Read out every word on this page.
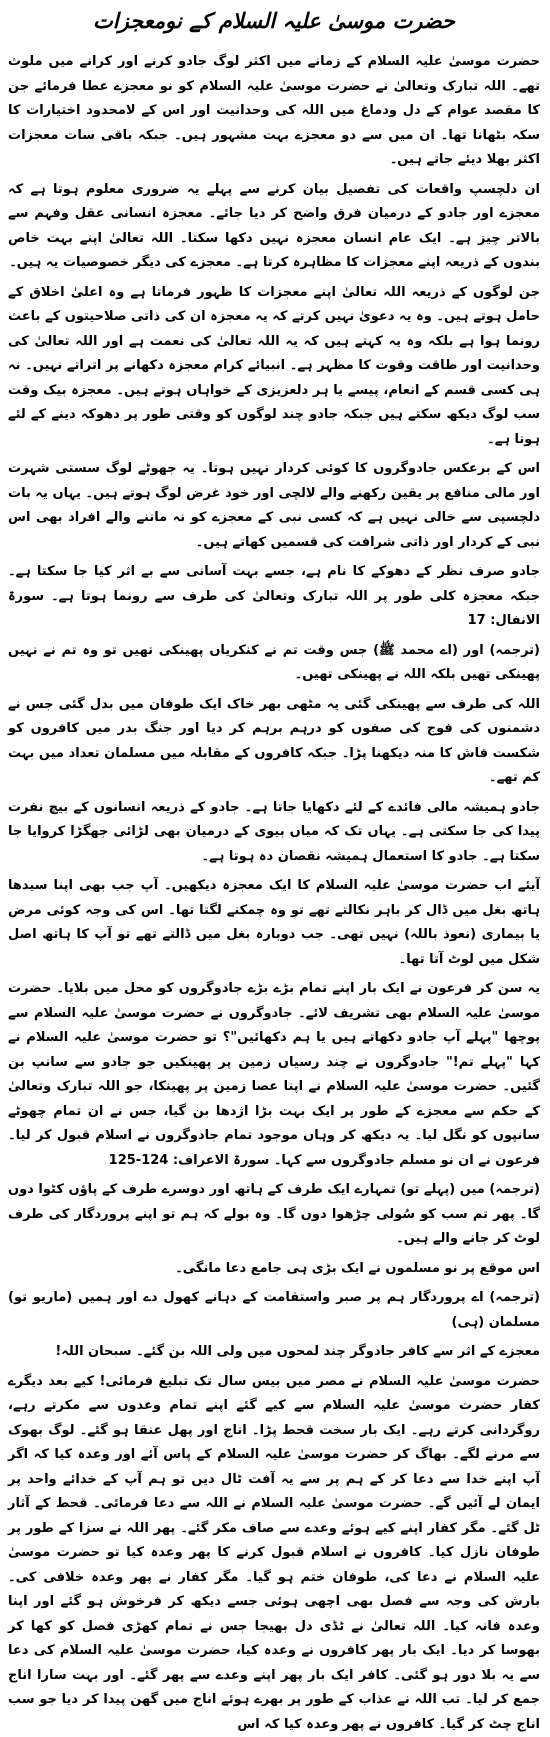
حضرت موسیٰ علیہ السلام کے نومعجزات

حضرت موسیٰ علیہ السلام کے زمانے میں اکثر لوگ جادو کرنے اور کرانے میں ملوث تھے۔ اللہ تبارک وتعالیٰ نے حضرت موسیٰ علیہ السلام کو نو معجزے عطا فرمائے جن کا مقصد عوام کے دل ودماغ میں اللہ کی وحدانیت اور اس کے لامحدود اختیارات کا سکہ بٹھانا تھا۔ ان میں سے دو معجزے بہت مشہور ہیں۔ جبکہ باقی سات معجزات اکثر بھلا دیئے جاتے ہیں۔

ان دلچسپ واقعات کی تفصیل بیان کرنے سے پہلے یہ ضروری معلوم ہوتا ہے کہ معجزے اور جادو کے درمیان فرق واضح کر دیا جائے۔ معجزہ انسانی عقل وفہم سے بالاتر چیز ہے۔ ایک عام انسان معجزہ نہیں دکھا سکتا۔ اللہ تعالیٰ اپنے بہت خاص بندوں کے ذریعہ اپنے معجزات کا مظاہرہ کرتا ہے۔ معجزے کی دیگر خصوصیات یہ ہیں۔

جن لوگوں کے ذریعہ اللہ تعالیٰ اپنے معجزات کا ظہور فرماتا ہے وہ اعلیٰ اخلاق کے حامل ہوتے ہیں۔ وہ یہ دعویٰ نہیں کرتے کہ یہ معجزہ ان کی ذاتی صلاحیتوں کے باعث رونما ہوا ہے بلکہ وہ یہ کہتے ہیں کہ یہ اللہ تعالیٰ کی نعمت ہے اور اللہ تعالیٰ کی وحدانیت اور طاقت وقوت کا مظہر ہے۔ انبیائے کرام معجزہ دکھانے پر اتراتے نہیں۔ نہ ہی کسی قسم کے انعام، پیسے یا ہر دلعزیزی کے خواہاں ہوتے ہیں۔ معجزہ بیک وقت سب لوگ دیکھ سکتے ہیں جبکہ جادو چند لوگوں کو وقتی طور پر دھوکہ دینے کے لئے ہوتا ہے۔

اس کے برعکس جادوگروں کا کوئی کردار نہیں ہوتا۔ یہ جھوٹے لوگ سستی شہرت اور مالی منافع پر یقین رکھنے والے لالچی اور خود غرض لوگ ہوتے ہیں۔ یہاں یہ بات دلچسپی سے خالی نہیں ہے کہ کسی نبی کے معجزے کو نہ ماننے والے افراد بھی اس نبی کے کردار اور ذاتی شرافت کی قسمیں کھاتے ہیں۔

جادو صرف نظر کے دھوکے کا نام ہے، جسے بہت آسانی سے بے اثر کیا جا سکتا ہے۔ جبکہ معجزہ کلی طور پر اللہ تبارک وتعالیٰ کی طرف سے رونما ہوتا ہے۔ سورۃ الانفال: 17

(ترجمہ) اور (اے محمد ﷺ) جس وقت تم نے کنکریاں پھینکی تھیں تو وہ تم نے نہیں پھینکی تھیں بلکہ اللہ نے پھینکی تھیں۔

اللہ کی طرف سے پھینکی گئی یہ مٹھی بھر خاک ایک طوفان میں بدل گئی جس نے دشمنوں کی فوج کی صفوں کو درہم برہم کر دیا اور جنگ بدر میں کافروں کو شکست فاش کا منہ دیکھنا پڑا۔ جبکہ کافروں کے مقابلہ میں مسلمان تعداد میں بہت کم تھے۔

جادو ہمیشہ مالی فائدے کے لئے دکھایا جاتا ہے۔ جادو کے ذریعہ انسانوں کے بیچ نفرت پیدا کی جا سکتی ہے۔ یہاں تک کہ میاں بیوی کے درمیان بھی لڑائی جھگڑا کروایا جا سکتا ہے۔ جادو کا استعمال ہمیشہ نقصان دہ ہوتا ہے۔

آیئے اب حضرت موسیٰ علیہ السلام کا ایک معجزہ دیکھیں۔ آپ جب بھی اپنا سیدھا ہاتھ بغل میں ڈال کر باہر نکالتے تھے تو وہ چمکنے لگتا تھا۔ اس کی وجہ کوئی مرض یا بیماری (نعوذ باللہ) نہیں تھی۔ جب دوبارہ بغل میں ڈالتے تھے تو آپ کا ہاتھ اصل شکل میں لوٹ آتا تھا۔

یہ سن کر فرعون نے ایک بار اپنے تمام بڑے بڑے جادوگروں کو محل میں بلایا۔ حضرت موسیٰ علیہ السلام بھی تشریف لائے۔ جادوگروں نے حضرت موسیٰ علیہ السلام سے پوچھا "پہلے آپ جادو دکھاتے ہیں یا ہم دکھائیں"؟ تو حضرت موسیٰ علیہ السلام نے کہا "پہلے تم!" جادوگروں نے چند رسیاں زمین پر پھینکیں جو جادو سے سانپ بن گئیں۔ حضرت موسیٰ علیہ السلام نے اپنا عصا زمین پر پھینکا، جو اللہ تبارک وتعالیٰ کے حکم سے معجزے کے طور پر ایک بہت بڑا اژدھا بن گیا، جس نے ان تمام چھوٹے سانپوں کو نگل لیا۔ یہ دیکھ کر وہاں موجود تمام جادوگروں نے اسلام قبول کر لیا۔ فرعون نے ان نو مسلم جادوگروں سے کہا۔ سورۃ الاعراف: 124-125

(ترجمہ) میں (پہلے تو) تمہارے ایک طرف کے ہاتھ اور دوسرے طرف کے پاؤں کٹوا دوں گا۔ پھر تم سب کو سُولی چڑھوا دوں گا۔ وہ بولے کہ ہم تو اپنے پروردگار کی طرف لوٹ کر جانے والے ہیں۔

اس موقع پر نو مسلموں نے ایک بڑی ہی جامع دعا مانگی۔

(ترجمہ) اے پروردگار ہم پر صبر واستقامت کے دہانے کھول دے اور ہمیں (ماریو تو) مسلمان (ہی)

معجزے کے اثر سے کافر جادوگر چند لمحوں میں ولی اللہ بن گئے۔ سبحان اللہ!

حضرت موسیٰ علیہ السلام نے مصر میں بیس سال تک تبلیغ فرمائی! کیے بعد دیگرے کفار حضرت موسیٰ علیہ السلام سے کیے گئے اپنے تمام وعدوں سے مکرتے رہے، روگردانی کرتے رہے۔ ایک بار سخت قحط پڑا۔ اناج اور پھل عنقا ہو گئے۔ لوگ بھوک سے مرنے لگے۔ بھاگ کر حضرت موسیٰ علیہ السلام کے پاس آئے اور وعدہ کیا کہ اگر آپ اپنے خدا سے دعا کر کے ہم پر سے یہ آفت ٹال دیں تو ہم آپ کے خدائے واحد پر ایمان لے آئیں گے۔ حضرت موسیٰ علیہ السلام نے اللہ سے دعا فرمائی۔ قحط کے آثار ٹل گئے۔ مگر کفار اپنے کیے ہوئے وعدے سے صاف مکر گئے۔ پھر اللہ نے سزا کے طور پر طوفان نازل کیا۔ کافروں نے اسلام قبول کرنے کا پھر وعدہ کیا تو حضرت موسیٰ علیہ السلام نے دعا کی، طوفان ختم ہو گیا۔ مگر کفار نے پھر وعدہ خلافی کی۔ بارش کی وجہ سے فصل بھی اچھی ہوئی جسے دیکھ کر فرخوش ہو گئے اور اپنا وعدہ فانہ کیا۔ اللہ تعالیٰ نے ٹڈی دل بھیجا جس نے تمام کھڑی فصل کو کھا کر بھوسا کر دیا۔ ایک بار پھر کافروں نے وعدہ کیا، حضرت موسیٰ علیہ السلام کی دعا سے یہ بلا دور ہو گئی۔ کافر ایک بار پھر اپنے وعدے سے پھر گئے۔ اور بہت سارا اناج جمع کر لیا۔ تب اللہ نے عذاب کے طور پر بھرے ہوئے اناج میں گھن پیدا کر دیا جو سب اناج چٹ کر گیا۔ کافروں نے پھر وعدہ کیا کہ اس
